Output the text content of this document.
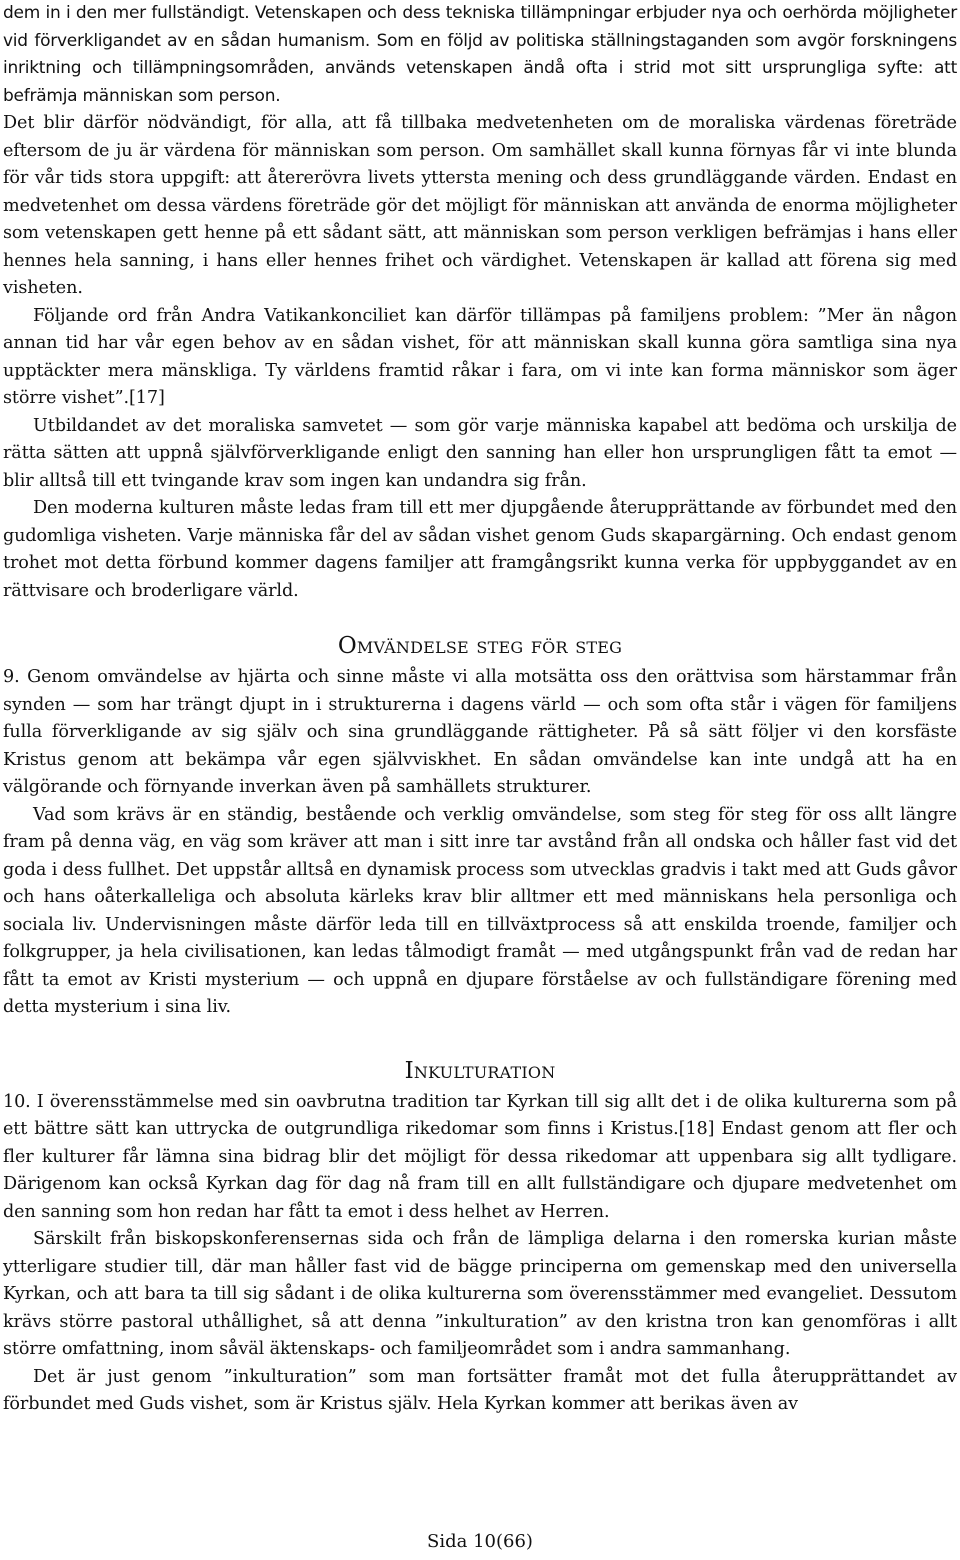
dem in i den mer fullständigt. Vetenskapen och dess tekniska tillämpningar erbjuder nya och oerhörda möjligheter vid förverkligandet av en sådan humanism. Som en följd av politiska ställningstaganden som avgör forskningens inriktning och tillämpningsområden, används vetenskapen ändå ofta i strid mot sitt ursprungliga syfte: att befrämja människan som person.

Det blir därför nödvändigt, för alla, att få tillbaka medvetenheten om de moraliska värdenas företräde eftersom de ju är värdena för människan som person. Om samhället skall kunna förnyas får vi inte blunda för vår tids stora uppgift: att återerövra livets yttersta mening och dess grundläggande värden. Endast en medvetenhet om dessa värdens företräde gör det möjligt för människan att använda de enorma möjligheter som vetenskapen gett henne på ett sådant sätt, att människan som person verkligen befrämjas i hans eller hennes hela sanning, i hans eller hennes frihet och värdighet. Vetenskapen är kallad att förena sig med visheten.

Följande ord från Andra Vatikankonciliet kan därför tillämpas på familjens problem: ”Mer än någon annan tid har vår egen behov av en sådan vishet, för att människan skall kunna göra samtliga sina nya upptäckter mera mänskliga. Ty världens framtid råkar i fara, om vi inte kan forma människor som äger större vishet”.[17]

Utbildandet av det moraliska samvetet — som gör varje människa kapabel att bedöma och urskilja de rätta sätten att uppnå självförverkligande enligt den sanning han eller hon ursprungligen fått ta emot — blir alltså till ett tvingande krav som ingen kan undandra sig från.

Den moderna kulturen måste ledas fram till ett mer djupgående återupprättande av förbundet med den gudomliga visheten. Varje människa får del av sådan vishet genom Guds skapargärning. Och endast genom trohet mot detta förbund kommer dagens familjer att framgångsrikt kunna verka för uppbyggandet av en rättvisare och broderligare värld.

Omvändelse steg för steg

9. Genom omvändelse av hjärta och sinne måste vi alla motsätta oss den orättvisa som härstammar från synden — som har trängt djupt in i strukturerna i dagens värld — och som ofta står i vägen för familjens fulla förverkligande av sig själv och sina grundläggande rättigheter. På så sätt följer vi den korsfäste Kristus genom att bekämpa vår egen självviskhet. En sådan omvändelse kan inte undgå att ha en välgörande och förnyande inverkan även på samhällets strukturer.

Vad som krävs är en ständig, bestående och verklig omvändelse, som steg för steg för oss allt längre fram på denna väg, en väg som kräver att man i sitt inre tar avstånd från all ondska och håller fast vid det goda i dess fullhet. Det uppstår alltså en dynamisk process som utvecklas gradvis i takt med att Guds gåvor och hans oåterkalleliga och absoluta kärleks krav blir alltmer ett med människans hela personliga och sociala liv. Undervisningen måste därför leda till en tillväxtprocess så att enskilda troende, familjer och folkgrupper, ja hela civilisationen, kan ledas tålmodigt framåt — med utgångspunkt från vad de redan har fått ta emot av Kristi mysterium — och uppnå en djupare förståelse av och fullständigare förening med detta mysterium i sina liv.

Inkulturation

10. I överensstämmelse med sin oavbrutna tradition tar Kyrkan till sig allt det i de olika kulturerna som på ett bättre sätt kan uttrycka de outgrundliga rikedomar som finns i Kristus.[18] Endast genom att fler och fler kulturer får lämna sina bidrag blir det möjligt för dessa rikedomar att uppenbara sig allt tydligare. Därigenom kan också Kyrkan dag för dag nå fram till en allt fullständigare och djupare medvetenhet om den sanning som hon redan har fått ta emot i dess helhet av Herren.

Särskilt från biskopskonferensernas sida och från de lämpliga delarna i den romerska kurian måste ytterligare studier till, där man håller fast vid de bägge principerna om gemenskap med den universella Kyrkan, och att bara ta till sig sådant i de olika kulturerna som överensstämmer med evangeliet. Dessutom krävs större pastoral uthållighet, så att denna ”inkulturation” av den kristna tron kan genomföras i allt större omfattning, inom såväl äktenskaps- och familjeområdet som i andra sammanhang.

Det är just genom ”inkulturation” som man fortsätter framåt mot det fulla återupprättandet av förbundet med Guds vishet, som är Kristus själv. Hela Kyrkan kommer att berikas även av

Sida 10(66)
